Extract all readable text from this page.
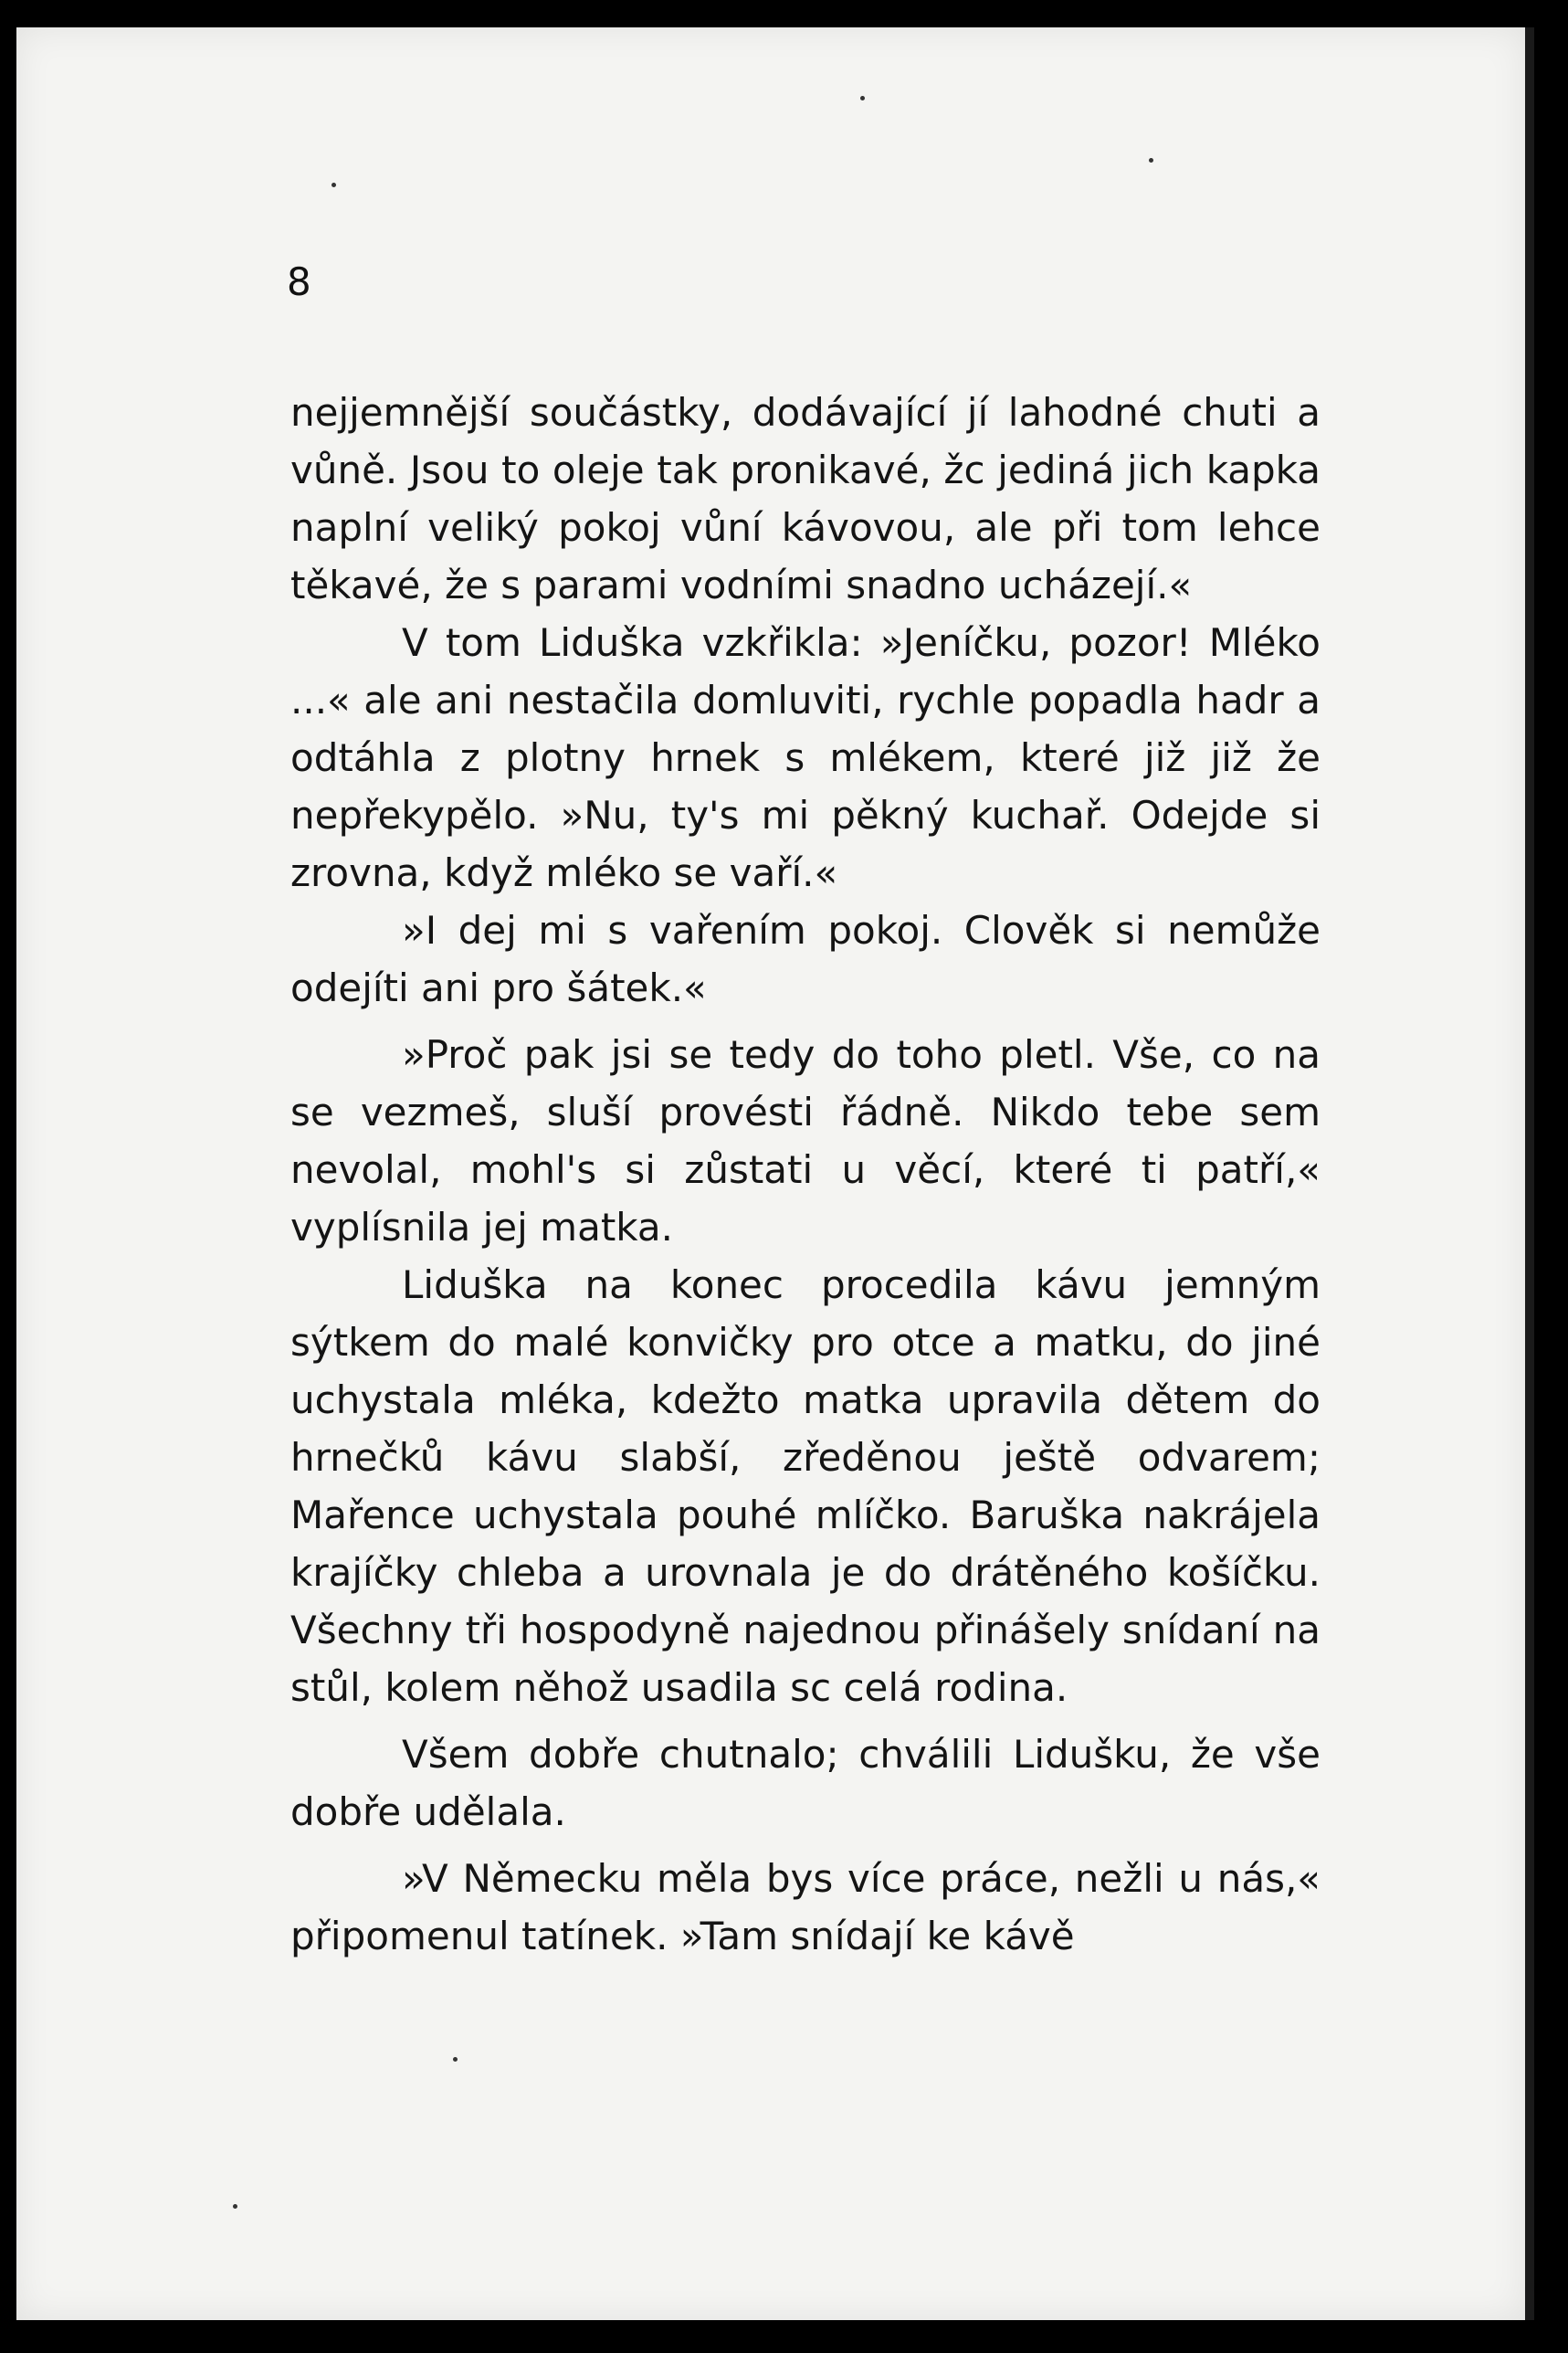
8

nejjemnější součástky, dodávající jí lahodné chuti a vůně. Jsou to oleje tak pronikavé, žc jediná jich kapka naplní veliký pokoj vůní kávovou, ale při tom lehce těkavé, že s parami vodními snadno ucházejí.«

V tom Liduška vzkřikla: »Jeníčku, pozor! Mléko ...« ale ani nestačila domluviti, rychle popadla hadr a odtáhla z plotny hrnek s mlékem, které již již že nepřekypělo. »Nu, ty's mi pěkný kuchař. Odejde si zrovna, když mléko se vaří.«

»I dej mi s vařením pokoj. Clověk si nemůže odejíti ani pro šátek.«

»Proč pak jsi se tedy do toho pletl. Vše, co na se vezmeš, sluší provésti řádně. Nikdo tebe sem nevolal, mohl's si zůstati u věcí, které ti patří,« vyplísnila jej matka.

Liduška na konec procedila kávu jemným sýtkem do malé konvičky pro otce a matku, do jiné uchystala mléka, kdežto matka upravila dětem do hrnečků kávu slabší, zředěnou ještě odvarem; Mařence uchystala pouhé mlíčko. Baruška nakrájela krajíčky chleba a urovnala je do drátěného košíčku. Všechny tři hospodyně najednou přinášely snídaní na stůl, kolem něhož usadila sc celá rodina.

Všem dobře chutnalo; chválili Lidušku, že vše dobře udělala.

»V Německu měla bys více práce, nežli u nás,« připomenul tatínek. »Tam snídají ke kávě
